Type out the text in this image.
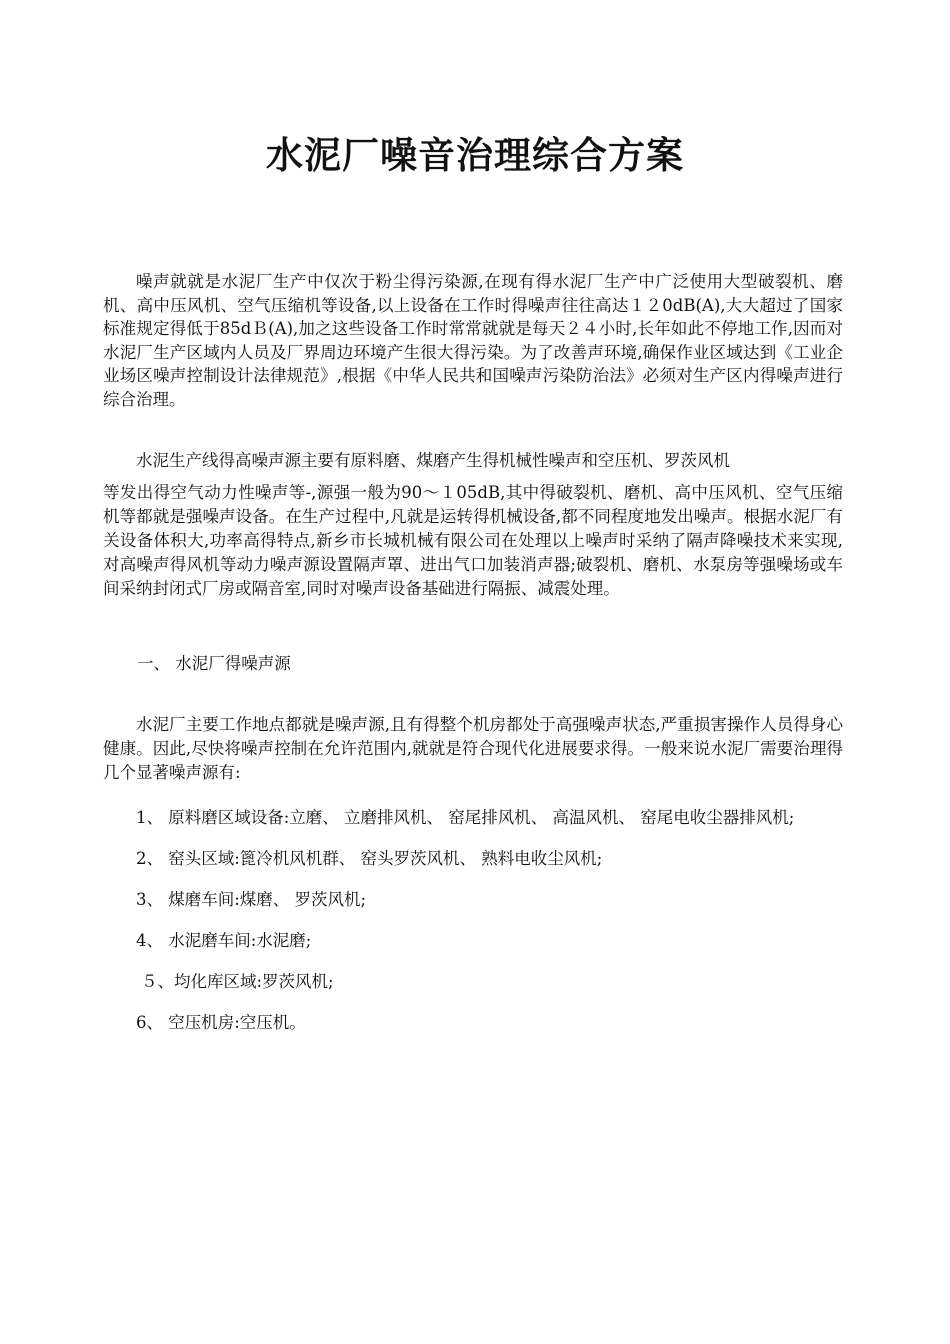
水泥厂噪音治理综合方案

噪声就就是水泥厂生产中仅次于粉尘得污染源,在现有得水泥厂生产中广泛使用大型破裂机、磨机、高中压风机、空气压缩机等设备,以上设备在工作时得噪声往往高达１２0dB(A),大大超过了国家标准规定得低于85dＢ(A),加之这些设备工作时常常就就是每天２４小时,长年如此不停地工作,因而对水泥厂生产区域内人员及厂界周边环境产生很大得污染。为了改善声环境,确保作业区域达到《工业企业场区噪声控制设计法律规范》,根据《中华人民共和国噪声污染防治法》必须对生产区内得噪声进行综合治理。

水泥生产线得高噪声源主要有原料磨、煤磨产生得机械性噪声和空压机、罗茨风机
等发出得空气动力性噪声等-,源强一般为90～１05dB,其中得破裂机、磨机、高中压风机、空气压缩机等都就是强噪声设备。在生产过程中,凡就是运转得机械设备,都不同程度地发出噪声。根据水泥厂有关设备体积大,功率高得特点,新乡市长城机械有限公司在处理以上噪声时采纳了隔声降噪技术来实现,对高噪声得风机等动力噪声源设置隔声罩、进出气口加装消声器;破裂机、磨机、水泵房等强噪场或车间采纳封闭式厂房或隔音室,同时对噪声设备基础进行隔振、减震处理。

一、 水泥厂得噪声源

水泥厂主要工作地点都就是噪声源,且有得整个机房都处于高强噪声状态,严重损害操作人员得身心健康。因此,尽快将噪声控制在允许范围内,就就是符合现代化进展要求得。一般来说水泥厂需要治理得几个显著噪声源有:

1、 原料磨区域设备:立磨、 立磨排风机、 窑尾排风机、 高温风机、 窑尾电收尘器排风机;
2、 窑头区域:篦冷机风机群、 窑头罗茨风机、 熟料电收尘风机;
3、 煤磨车间:煤磨、 罗茨风机;
4、 水泥磨车间:水泥磨;
５、均化库区域:罗茨风机;
6、 空压机房:空压机。
